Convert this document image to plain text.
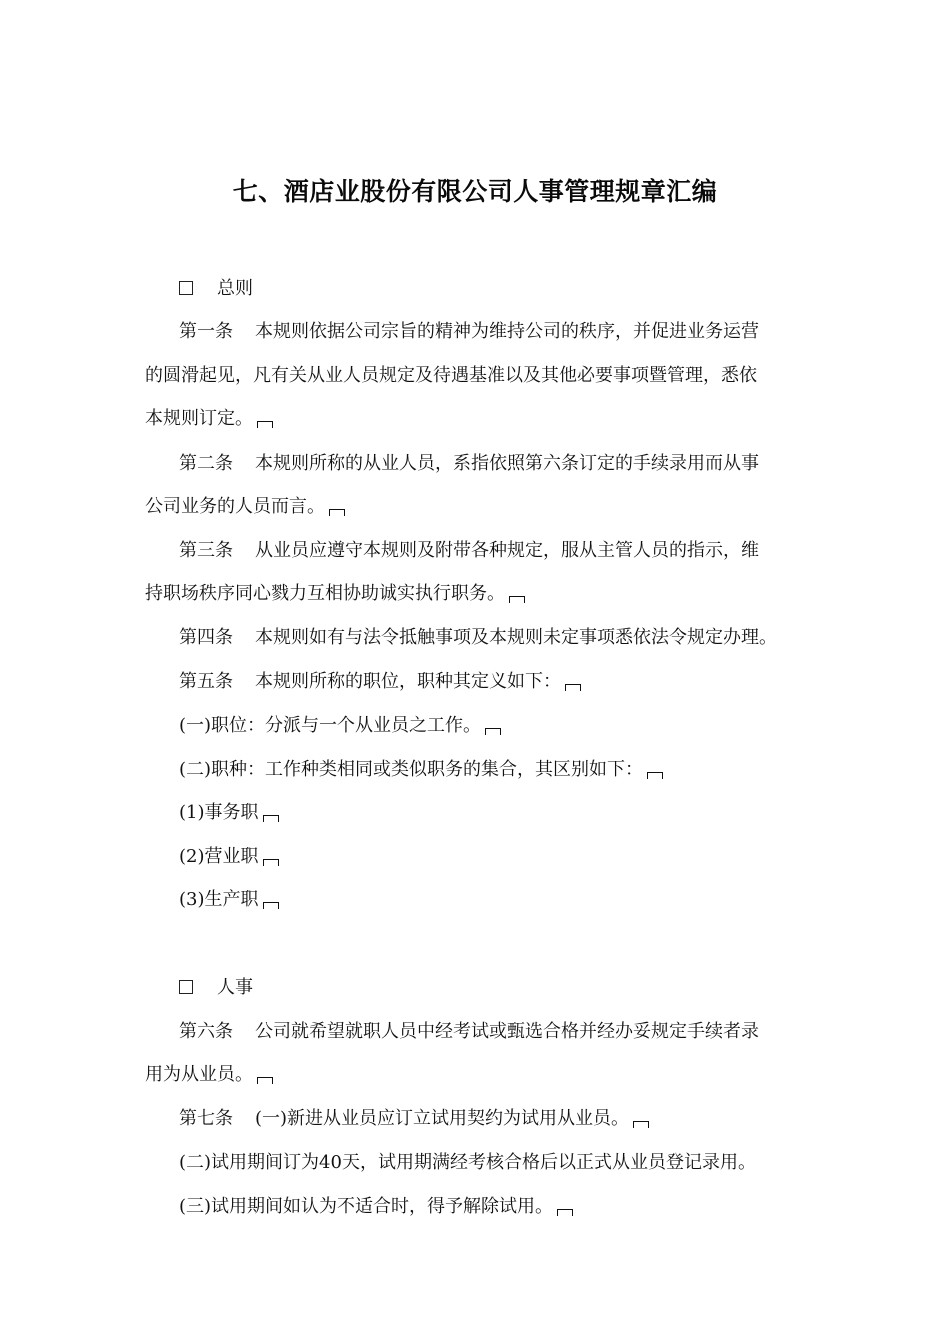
七、酒店业股份有限公司人事管理规章汇编
总则
第一条 本规则依据公司宗旨的精神为维持公司的秩序，并促进业务运营
的圆滑起见，凡有关从业人员规定及待遇基准以及其他必要事项暨管理，悉依
本规则订定。
第二条 本规则所称的从业人员，系指依照第六条订定的手续录用而从事
公司业务的人员而言。
第三条 从业员应遵守本规则及附带各种规定，服从主管人员的指示，维
持职场秩序同心戮力互相协助诚实执行职务。
第四条 本规则如有与法令抵触事项及本规则未定事项悉依法令规定办理。
第五条 本规则所称的职位，职种其定义如下：
(一)职位：分派与一个从业员之工作。
(二)职种：工作种类相同或类似职务的集合，其区别如下：
(1)事务职
(2)营业职
(3)生产职
人事
第六条 公司就希望就职人员中经考试或甄选合格并经办妥规定手续者录
用为从业员。
第七条 (一)新进从业员应订立试用契约为试用从业员。
(二)试用期间订为40天，试用期满经考核合格后以正式从业员登记录用。
(三)试用期间如认为不适合时，得予解除试用。
